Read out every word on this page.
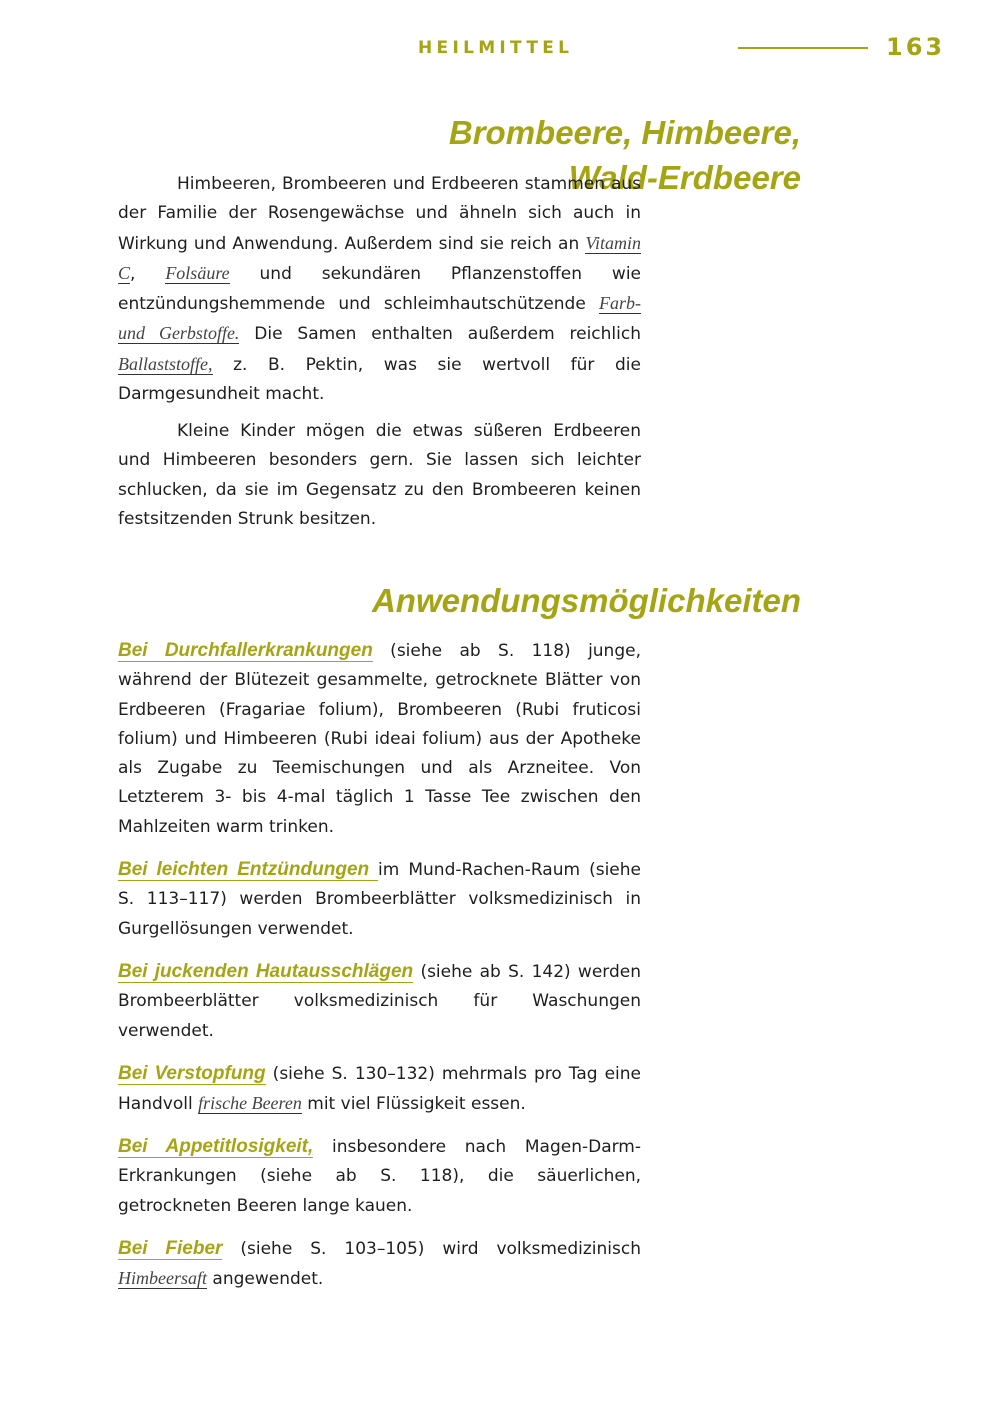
HEILMITTEL	163
Brombeere, Himbeere,
Wald-Erdbeere

Himbeeren, Brombeeren und Erdbeeren stammen aus der Familie der Rosengewächse und ähneln sich auch in Wirkung und Anwendung. Außerdem sind sie reich an Vitamin C, Folsäure und sekundären Pflanzenstoffen wie entzündungshemmende und schleimhautschützende Farb- und Gerbstoffe. Die Samen enthalten außerdem reichlich Ballaststoffe, z. B. Pektin, was sie wertvoll für die Darmgesundheit macht.

Kleine Kinder mögen die etwas süßeren Erdbeeren und Himbeeren besonders gern. Sie lassen sich leichter schlucken, da sie im Gegensatz zu den Brombeeren keinen festsitzenden Strunk besitzen.

Anwendungsmöglichkeiten

Bei Durchfallerkrankungen (siehe ab S. 118) junge, während der Blütezeit gesammelte, getrocknete Blätter von Erdbeeren (Fragariae folium), Brombeeren (Rubi fruticosi folium) und Himbeeren (Rubi ideai folium) aus der Apotheke als Zugabe zu Teemischungen und als Arzneitee. Von Letzterem 3- bis 4-mal täglich 1 Tasse Tee zwischen den Mahlzeiten warm trinken.

Bei leichten Entzündungen im Mund-Rachen-Raum (siehe S. 113–117) werden Brombeerblätter volksmedizinisch in Gurgellösungen verwendet.

Bei juckenden Hautausschlägen (siehe ab S. 142) werden Brombeerblätter volksmedizinisch für Waschungen verwendet.

Bei Verstopfung (siehe S. 130–132) mehrmals pro Tag eine Handvoll frische Beeren mit viel Flüssigkeit essen.

Bei Appetitlosigkeit, insbesondere nach Magen-Darm-Erkrankungen (siehe ab S. 118), die säuerlichen, getrockneten Beeren lange kauen.

Bei Fieber (siehe S. 103–105) wird volksmedizinisch Himbeersaft angewendet.
